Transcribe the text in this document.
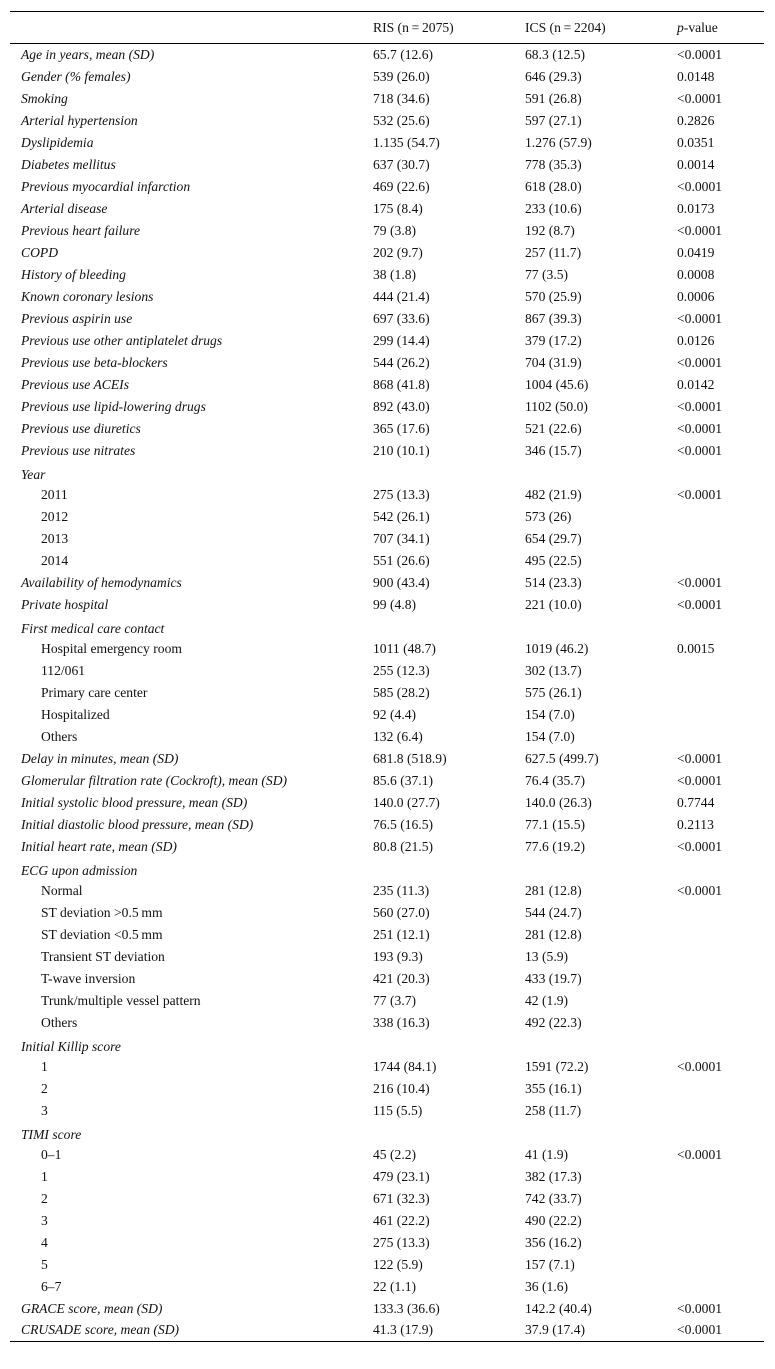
	RIS (n = 2075)	ICS (n = 2204)	p-value
Age in years, mean (SD)	65.7 (12.6)	68.3 (12.5)	<0.0001
Gender (% females)	539 (26.0)	646 (29.3)	0.0148
Smoking	718 (34.6)	591 (26.8)	<0.0001
Arterial hypertension	532 (25.6)	597 (27.1)	0.2826
Dyslipidemia	1.135 (54.7)	1.276 (57.9)	0.0351
Diabetes mellitus	637 (30.7)	778 (35.3)	0.0014
Previous myocardial infarction	469 (22.6)	618 (28.0)	<0.0001
Arterial disease	175 (8.4)	233 (10.6)	0.0173
Previous heart failure	79 (3.8)	192 (8.7)	<0.0001
COPD	202 (9.7)	257 (11.7)	0.0419
History of bleeding	38 (1.8)	77 (3.5)	0.0008
Known coronary lesions	444 (21.4)	570 (25.9)	0.0006
Previous aspirin use	697 (33.6)	867 (39.3)	<0.0001
Previous use other antiplatelet drugs	299 (14.4)	379 (17.2)	0.0126
Previous use beta-blockers	544 (26.2)	704 (31.9)	<0.0001
Previous use ACEIs	868 (41.8)	1004 (45.6)	0.0142
Previous use lipid-lowering drugs	892 (43.0)	1102 (50.0)	<0.0001
Previous use diuretics	365 (17.6)	521 (22.6)	<0.0001
Previous use nitrates	210 (10.1)	346 (15.7)	<0.0001
Year			
2011	275 (13.3)	482 (21.9)	<0.0001
2012	542 (26.1)	573 (26)	
2013	707 (34.1)	654 (29.7)	
2014	551 (26.6)	495 (22.5)	
Availability of hemodynamics	900 (43.4)	514 (23.3)	<0.0001
Private hospital	99 (4.8)	221 (10.0)	<0.0001
First medical care contact			
Hospital emergency room	1011 (48.7)	1019 (46.2)	0.0015
112/061	255 (12.3)	302 (13.7)	
Primary care center	585 (28.2)	575 (26.1)	
Hospitalized	92 (4.4)	154 (7.0)	
Others	132 (6.4)	154 (7.0)	
Delay in minutes, mean (SD)	681.8 (518.9)	627.5 (499.7)	<0.0001
Glomerular filtration rate (Cockroft), mean (SD)	85.6 (37.1)	76.4 (35.7)	<0.0001
Initial systolic blood pressure, mean (SD)	140.0 (27.7)	140.0 (26.3)	0.7744
Initial diastolic blood pressure, mean (SD)	76.5 (16.5)	77.1 (15.5)	0.2113
Initial heart rate, mean (SD)	80.8 (21.5)	77.6 (19.2)	<0.0001
ECG upon admission			
Normal	235 (11.3)	281 (12.8)	<0.0001
ST deviation >0.5 mm	560 (27.0)	544 (24.7)	
ST deviation <0.5 mm	251 (12.1)	281 (12.8)	
Transient ST deviation	193 (9.3)	13 (5.9)	
T-wave inversion	421 (20.3)	433 (19.7)	
Trunk/multiple vessel pattern	77 (3.7)	42 (1.9)	
Others	338 (16.3)	492 (22.3)	
Initial Killip score			
1	1744 (84.1)	1591 (72.2)	<0.0001
2	216 (10.4)	355 (16.1)	
3	115 (5.5)	258 (11.7)	
TIMI score			
0–1	45 (2.2)	41 (1.9)	<0.0001
1	479 (23.1)	382 (17.3)	
2	671 (32.3)	742 (33.7)	
3	461 (22.2)	490 (22.2)	
4	275 (13.3)	356 (16.2)	
5	122 (5.9)	157 (7.1)	
6–7	22 (1.1)	36 (1.6)	
GRACE score, mean (SD)	133.3 (36.6)	142.2 (40.4)	<0.0001
CRUSADE score, mean (SD)	41.3 (17.9)	37.9 (17.4)	<0.0001
